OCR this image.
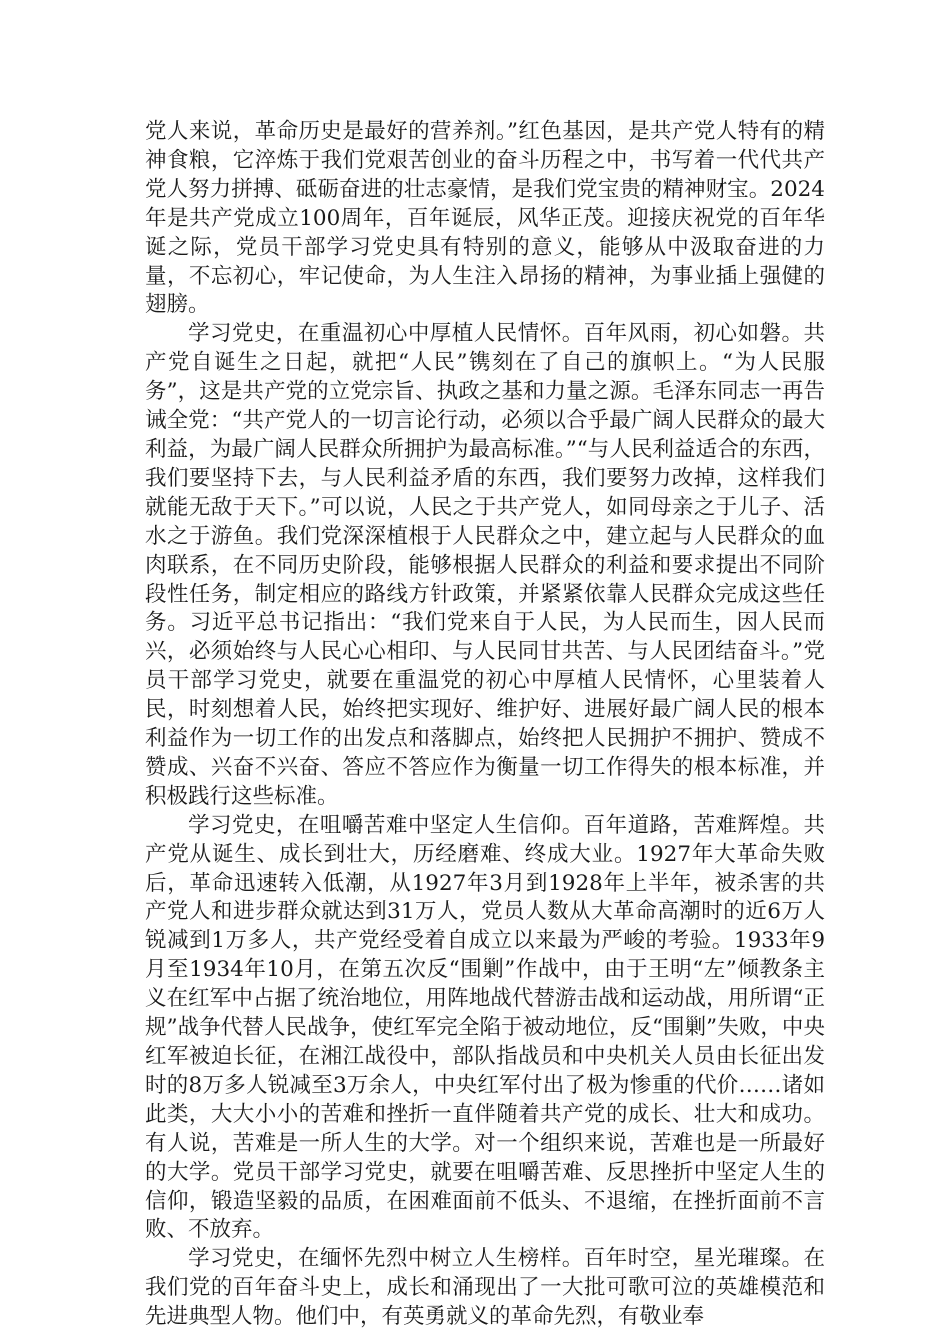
党人来说，革命历史是最好的营养剂。”红色基因，是共产党人特有的精神食粮，它淬炼于我们党艰苦创业的奋斗历程之中，书写着一代代共产党人努力拼搏、砥砺奋进的壮志豪情，是我们党宝贵的精神财宝。2024年是共产党成立100周年，百年诞辰，风华正茂。迎接庆祝党的百年华诞之际，党员干部学习党史具有特别的意义，能够从中汲取奋进的力量，不忘初心，牢记使命，为人生注入昂扬的精神，为事业插上强健的翅膀。

学习党史，在重温初心中厚植人民情怀。百年风雨，初心如磐。共产党自诞生之日起，就把“人民”镌刻在了自己的旗帜上。“为人民服务”，这是共产党的立党宗旨、执政之基和力量之源。毛泽东同志一再告诫全党：“共产党人的一切言论行动，必须以合乎最广阔人民群众的最大利益，为最广阔人民群众所拥护为最高标准。”“与人民利益适合的东西，我们要坚持下去，与人民利益矛盾的东西，我们要努力改掉，这样我们就能无敌于天下。”可以说，人民之于共产党人，如同母亲之于儿子、活水之于游鱼。我们党深深植根于人民群众之中，建立起与人民群众的血肉联系，在不同历史阶段，能够根据人民群众的利益和要求提出不同阶段性任务，制定相应的路线方针政策，并紧紧依靠人民群众完成这些任务。习近平总书记指出：“我们党来自于人民，为人民而生，因人民而兴，必须始终与人民心心相印、与人民同甘共苦、与人民团结奋斗。”党员干部学习党史，就要在重温党的初心中厚植人民情怀，心里装着人民，时刻想着人民，始终把实现好、维护好、进展好最广阔人民的根本利益作为一切工作的出发点和落脚点，始终把人民拥护不拥护、赞成不赞成、兴奋不兴奋、答应不答应作为衡量一切工作得失的根本标准，并积极践行这些标准。

学习党史，在咀嚼苦难中坚定人生信仰。百年道路，苦难辉煌。共产党从诞生、成长到壮大，历经磨难、终成大业。1927年大革命失败后，革命迅速转入低潮，从1927年3月到1928年上半年，被杀害的共产党人和进步群众就达到31万人，党员人数从大革命高潮时的近6万人锐减到1万多人，共产党经受着自成立以来最为严峻的考验。1933年9月至1934年10月，在第五次反“围剿”作战中，由于王明“左”倾教条主义在红军中占据了统治地位，用阵地战代替游击战和运动战，用所谓“正规”战争代替人民战争，使红军完全陷于被动地位，反“围剿”失败，中央红军被迫长征，在湘江战役中，部队指战员和中央机关人员由长征出发时的8万多人锐减至3万余人，中央红军付出了极为惨重的代价……诸如此类，大大小小的苦难和挫折一直伴随着共产党的成长、壮大和成功。有人说，苦难是一所人生的大学。对一个组织来说，苦难也是一所最好的大学。党员干部学习党史，就要在咀嚼苦难、反思挫折中坚定人生的信仰，锻造坚毅的品质，在困难面前不低头、不退缩，在挫折面前不言败、不放弃。

学习党史，在缅怀先烈中树立人生榜样。百年时空，星光璀璨。在我们党的百年奋斗史上，成长和涌现出了一大批可歌可泣的英雄模范和先进典型人物。他们中，有英勇就义的革命先烈，有敬业奉
